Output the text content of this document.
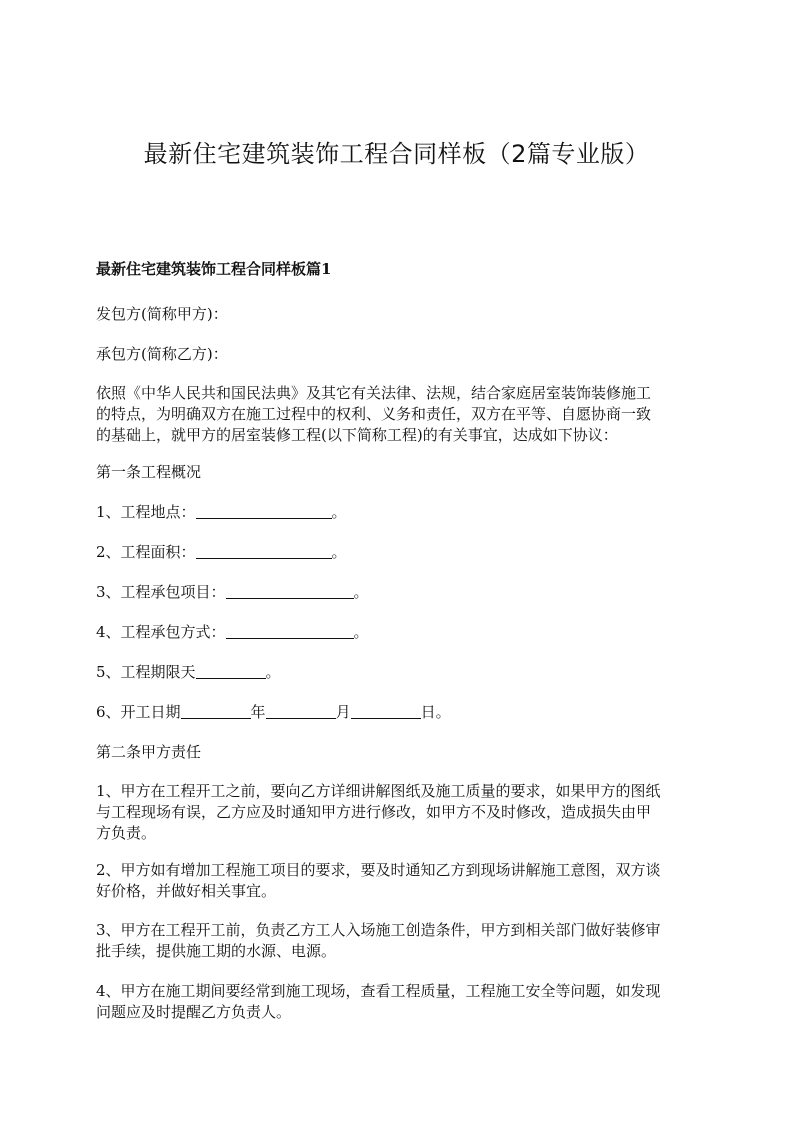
最新住宅建筑装饰工程合同样板（2篇专业版）
最新住宅建筑装饰工程合同样板篇1
发包方(简称甲方)：
承包方(简称乙方)：
依照《中华人民共和国民法典》及其它有关法律、法规，结合家庭居室装饰装修施工
的特点，为明确双方在施工过程中的权利、义务和责任，双方在平等、自愿协商一致
的基础上，就甲方的居室装修工程(以下简称工程)的有关事宜，达成如下协议：
第一条工程概况
1、工程地点：	。
2、工程面积：	。
3、工程承包项目：	。
4、工程承包方式：	。
5、工程期限天	。
6、开工日期	年	月	日。
第二条甲方责任
1、甲方在工程开工之前，要向乙方详细讲解图纸及施工质量的要求，如果甲方的图纸
与工程现场有误，乙方应及时通知甲方进行修改，如甲方不及时修改，造成损失由甲
方负责。
2、甲方如有增加工程施工项目的要求，要及时通知乙方到现场讲解施工意图，双方谈
好价格，并做好相关事宜。
3、甲方在工程开工前，负责乙方工人入场施工创造条件，甲方到相关部门做好装修审
批手续，提供施工期的水源、电源。
4、甲方在施工期间要经常到施工现场，查看工程质量，工程施工安全等问题，如发现
问题应及时提醒乙方负责人。
